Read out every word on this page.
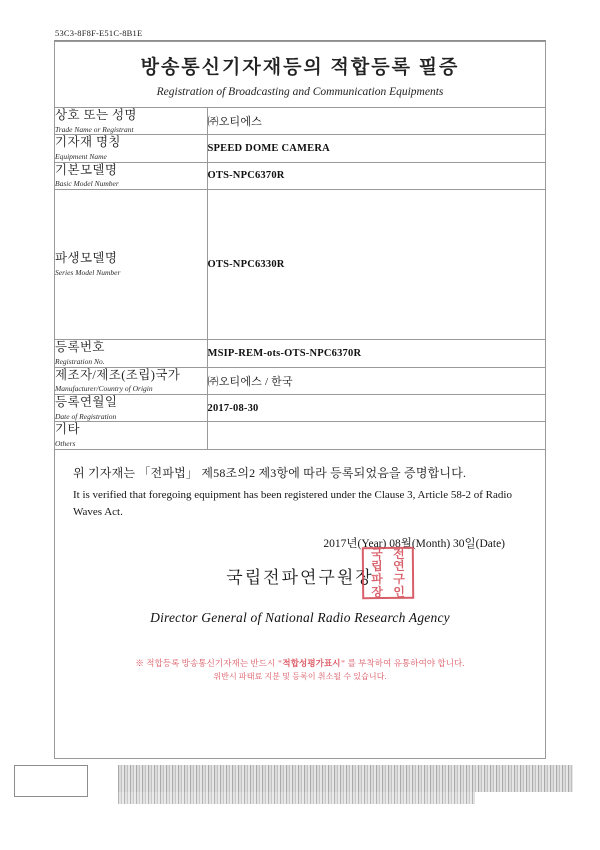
53C3-8F8F-E51C-8B1E
방송통신기자재등의 적합등록 필증
Registration of Broadcasting and Communication Equipments
상호 또는 성명
Trade Name or Registrant	㈜오티에스

기자재 명칭
Equipment Name	SPEED DOME CAMERA

기본모델명
Basic Model Number	OTS-NPC6370R

파생모델명
Series Model Number	OTS-NPC6330R

등록번호
Registration No.	MSIP-REM-ots-OTS-NPC6370R

제조자/제조(조립)국가
Manufacturer/Country of Origin	㈜오티에스 / 한국

등록연월일
Date of Registration	2017-08-30

기타
Others	

위 기자재는 「전파법」 제58조의2 제3항에 따라 등록되었음을 증명합니다.
It is verified that foregoing equipment has been registered under the Clause 3, Article 58-2 of Radio Waves Act.
2017년(Year) 08월(Month) 30일(Date)
국립전파연구원장
국 전
립 연
파 구
장 인
Director General of National Radio Research Agency
※ 적합등록 방송통신기자재는 반드시 "적합성평가표시" 를 부착하여 유통하여야 합니다.
위반시 파태료 지분 및 등록이 취소될 수 있습니다.
